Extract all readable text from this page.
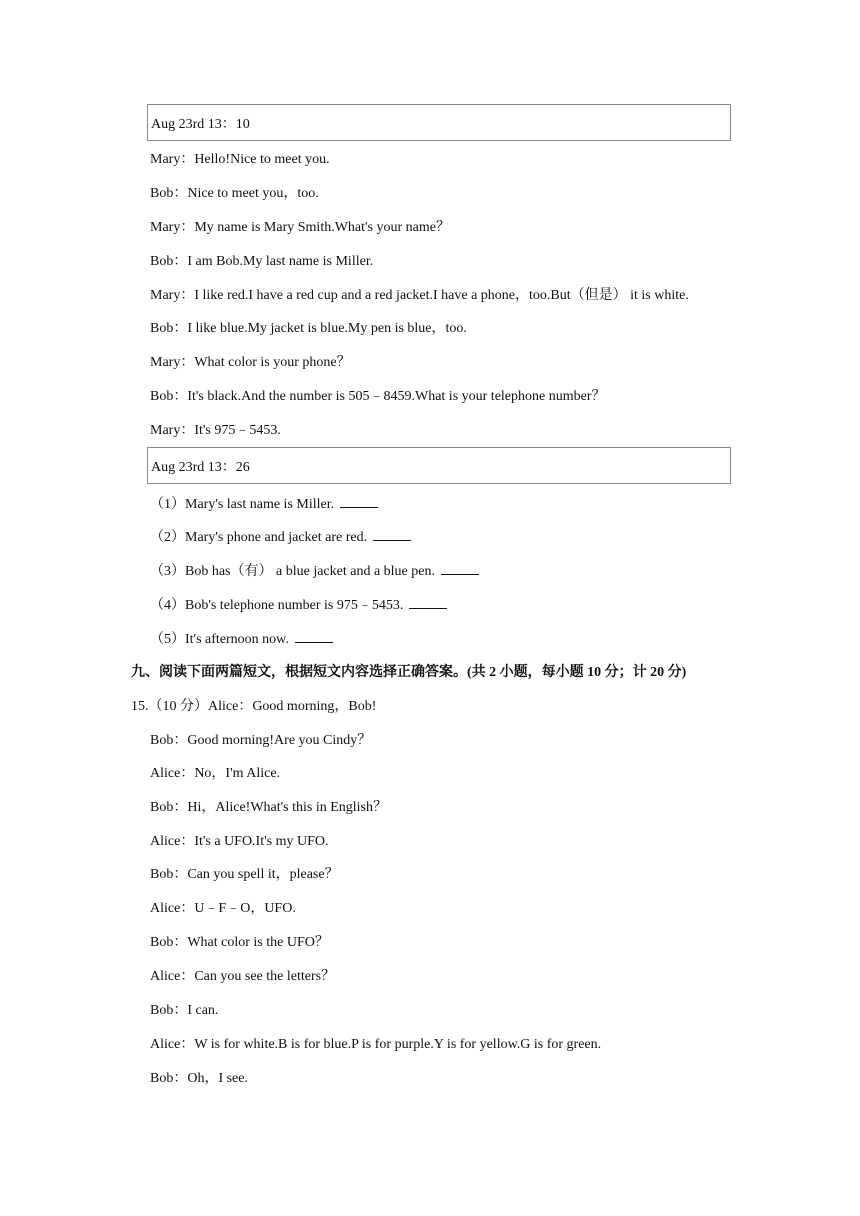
Aug 23rd 13：10
Mary：Hello!Nice to meet you.
Bob：Nice to meet you，too.
Mary：My name is Mary Smith.What's your name？
Bob：I am Bob.My last name is Miller.
Mary：I like red.I have a red cup and a red jacket.I have a phone，too.But（但是） it is white.
Bob：I like blue.My jacket is blue.My pen is blue，too.
Mary：What color is your phone？
Bob：It's black.And the number is 505﹣8459.What is your telephone number？
Mary：It's 975﹣5453.
Aug 23rd 13：26
（1）Mary's last name is Miller.
（2）Mary's phone and jacket are red.
（3）Bob has（有） a blue jacket and a blue pen.
（4）Bob's telephone number is 975﹣5453.
（5）It's afternoon now.
九、阅读下面两篇短文，根据短文内容选择正确答案。(共 2 小题，每小题 10 分；计 20 分)
15.（10 分）Alice：Good morning，Bob!
Bob：Good morning!Are you Cindy？
Alice：No，I'm Alice.
Bob：Hi，Alice!What's this in English？
Alice：It's a UFO.It's my UFO.
Bob：Can you spell it，please？
Alice：U﹣F﹣O，UFO.
Bob：What color is the UFO？
Alice：Can you see the letters？
Bob：I can.
Alice：W is for white.B is for blue.P is for purple.Y is for yellow.G is for green.
Bob：Oh，I see.
